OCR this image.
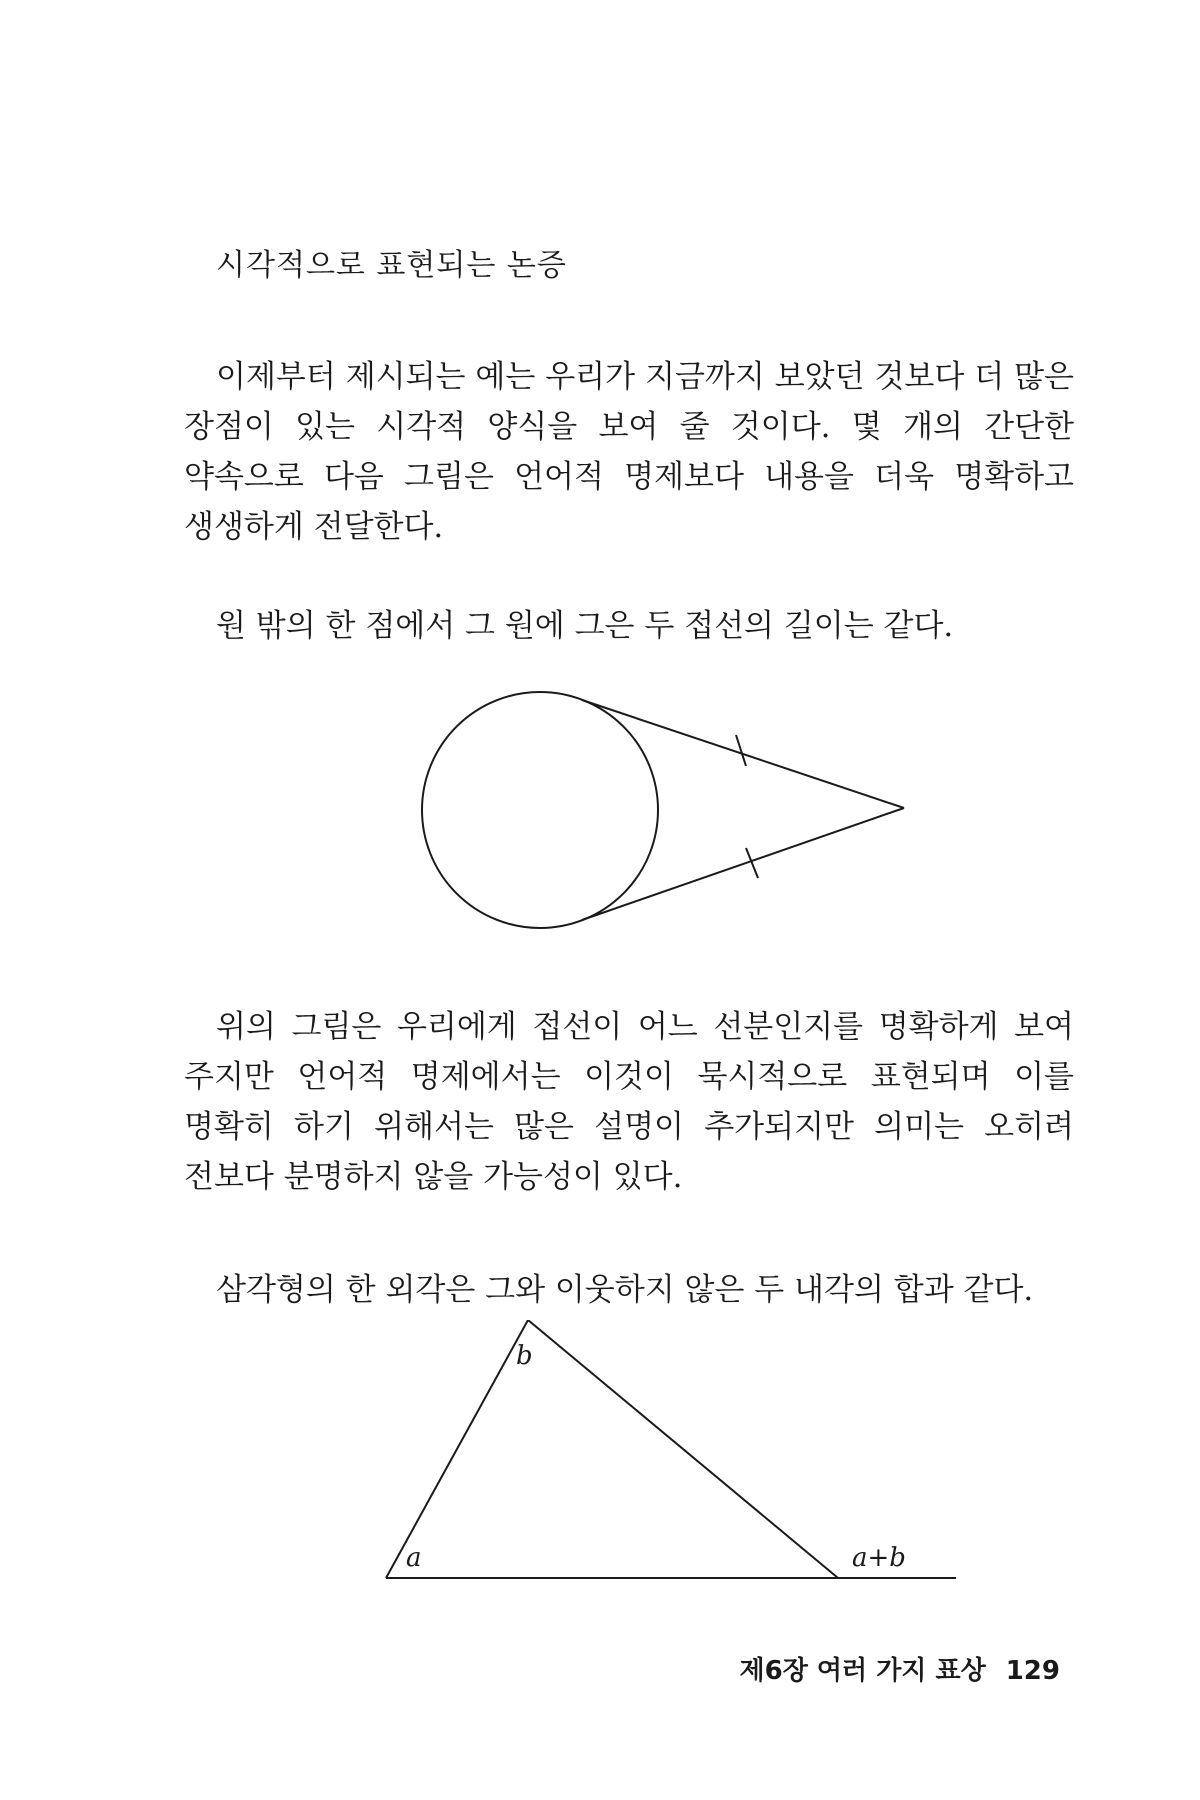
시각적으로 표현되는 논증

이제부터 제시되는 예는 우리가 지금까지 보았던 것보다 더 많은 장점이 있는 시각적 양식을 보여 줄 것이다. 몇 개의 간단한 약속으로 다음 그림은 언어적 명제보다 내용을 더욱 명확하고 생생하게 전달한다.

원 밖의 한 점에서 그 원에 그은 두 접선의 길이는 같다.

위의 그림은 우리에게 접선이 어느 선분인지를 명확하게 보여 주지만 언어적 명제에서는 이것이 묵시적으로 표현되며 이를 명확히 하기 위해서는 많은 설명이 추가되지만 의미는 오히려 전보다 분명하지 않을 가능성이 있다.

삼각형의 한 외각은 그와 이웃하지 않은 두 내각의 합과 같다.

b
a	a+b
제6장 여러 가지 표상 129
